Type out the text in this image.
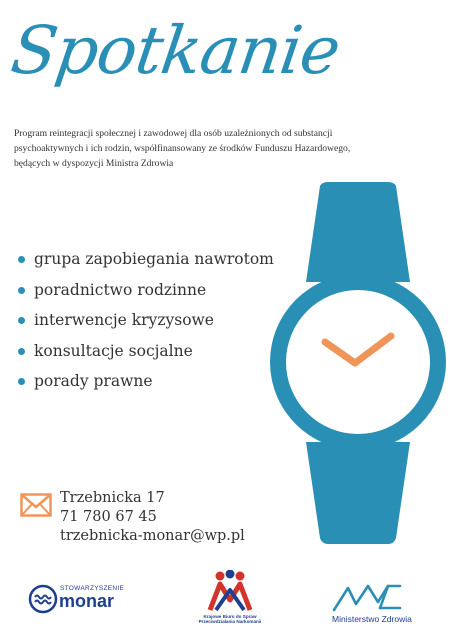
Spotkanie
Program reintegracji społecznej i zawodowej dla osób uzależnionych od substancji
psychoaktywnych i ich rodzin, współfinansowany ze środków Funduszu Hazardowego,
będących w dyspozycji Ministra Zdrowia
grupa zapobiegania nawrotom
poradnictwo rodzinne
interwencje kryzysowe
konsultacje socjalne
porady prawne
Trzebnicka 17
71 780 67 45
trzebnicka-monar@wp.pl
STOWARZYSZENIE
monar
Krajowe Biuro do Spraw
Przeciwdziałania Narkomanii	Ministerstwo Zdrowia
